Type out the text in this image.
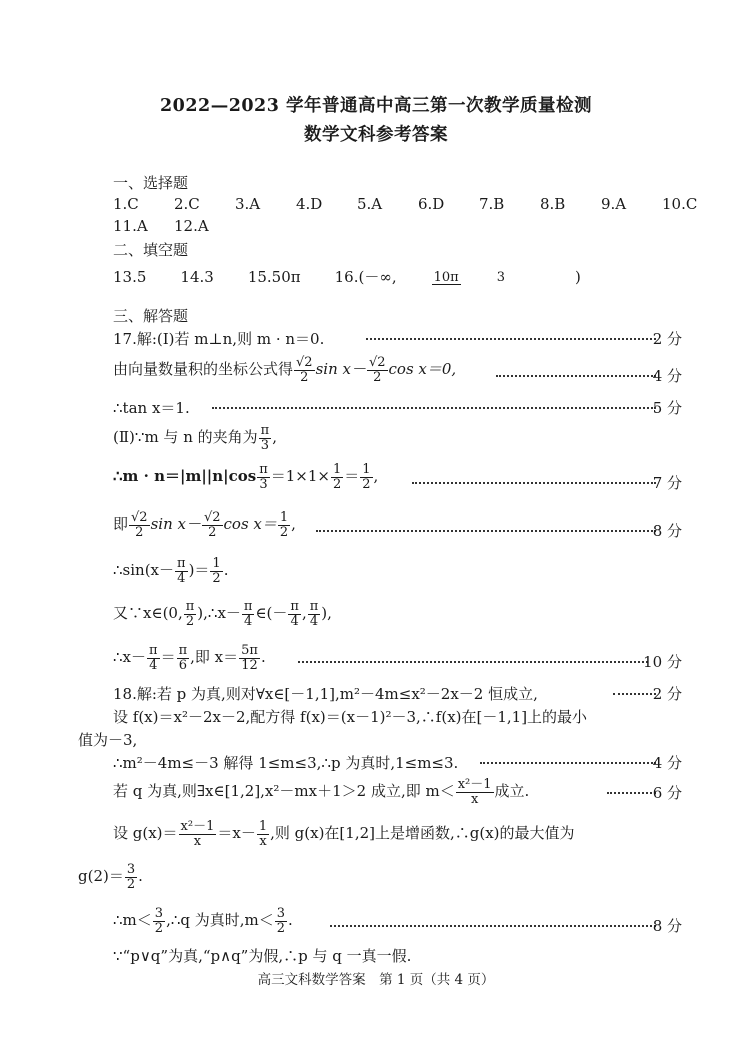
2022—2023 学年普通高中高三第一次教学质量检测
数学文科参考答案
一、选择题
1.C 2.C 3.A 4.D 5.A 6.D 7.B 8.B 9.A 10.C
11.A 12.A
二、填空题
13.5 14.3 15.50π 16.(－∞,	10π	3	)
三、解答题
17.解:(Ⅰ)若 m⊥n,则 m · n＝0.	2 分
由向量数量积的坐标公式得 $\frac{√2}{2}$ $\sin x- \frac{√2}{2}$ cos x＝0,	4 分
∴tan x＝1.	5 分
(Ⅱ)∵m 与 n 的夹角为 $\frac{\pi}{3}$ ,
∴m · $n=|m||n|\cos \frac{\pi}{3} =1\times 1\times \frac{1}{2} = \frac{1}{2}$ ,	7 分
即 $\frac{√2}{2}$ $\sin x- \frac{√2}{2}$ $\cos x= \frac{1}{2}$ ,	8 分
∴sin(x－ $\frac{\pi}{4}$ )＝ $\frac{1}{2}$ .
又∵x∈(0, $\frac{\pi}{2}$ ),∴x－ $\frac{\pi}{4}$ ∈(－ $\frac{\pi}{4}$ , $\frac{\pi}{4}$ ),
∴x－ $\frac{\pi}{4} = \frac{\pi}{6}$ ,即 $x= \frac{5\pi}{12}$ .	10 分
18.解:若 p 为真,则对∀x∈[－1,1],m²－4m≤x²－2x－2 恒成立,	2 分
设 f(x)＝x²－2x－2,配方得 f(x)＝(x－1)²－3,∴f(x)在[－1,1]上的最小
值为－3,
∴m²－4m≤－3 解得 1≤m≤3,∴p 为真时,1≤m≤3.	4 分
若 q 为真,则∃x∈[1,2],x²－mx＋1＞2 成立,即 $m< \frac{\text{x²－1}}{x}$ 成立.	6 分
设 $g(x)= \frac{\text{x²－1}}{x} =x- \frac{1}{x}$ ,则 g(x)在[1,2]上是增函数,∴g(x)的最大值为
$g(2)= \frac{3}{2}$ .
∴m＜ $\frac{3}{2}$ ,∴q 为真时$,m< \frac{3}{2}$ .	8 分
∵“p∨q”为真,“p∧q”为假,∴p 与 q 一真一假.
高三文科数学答案　第 1 页（共 4 页）
